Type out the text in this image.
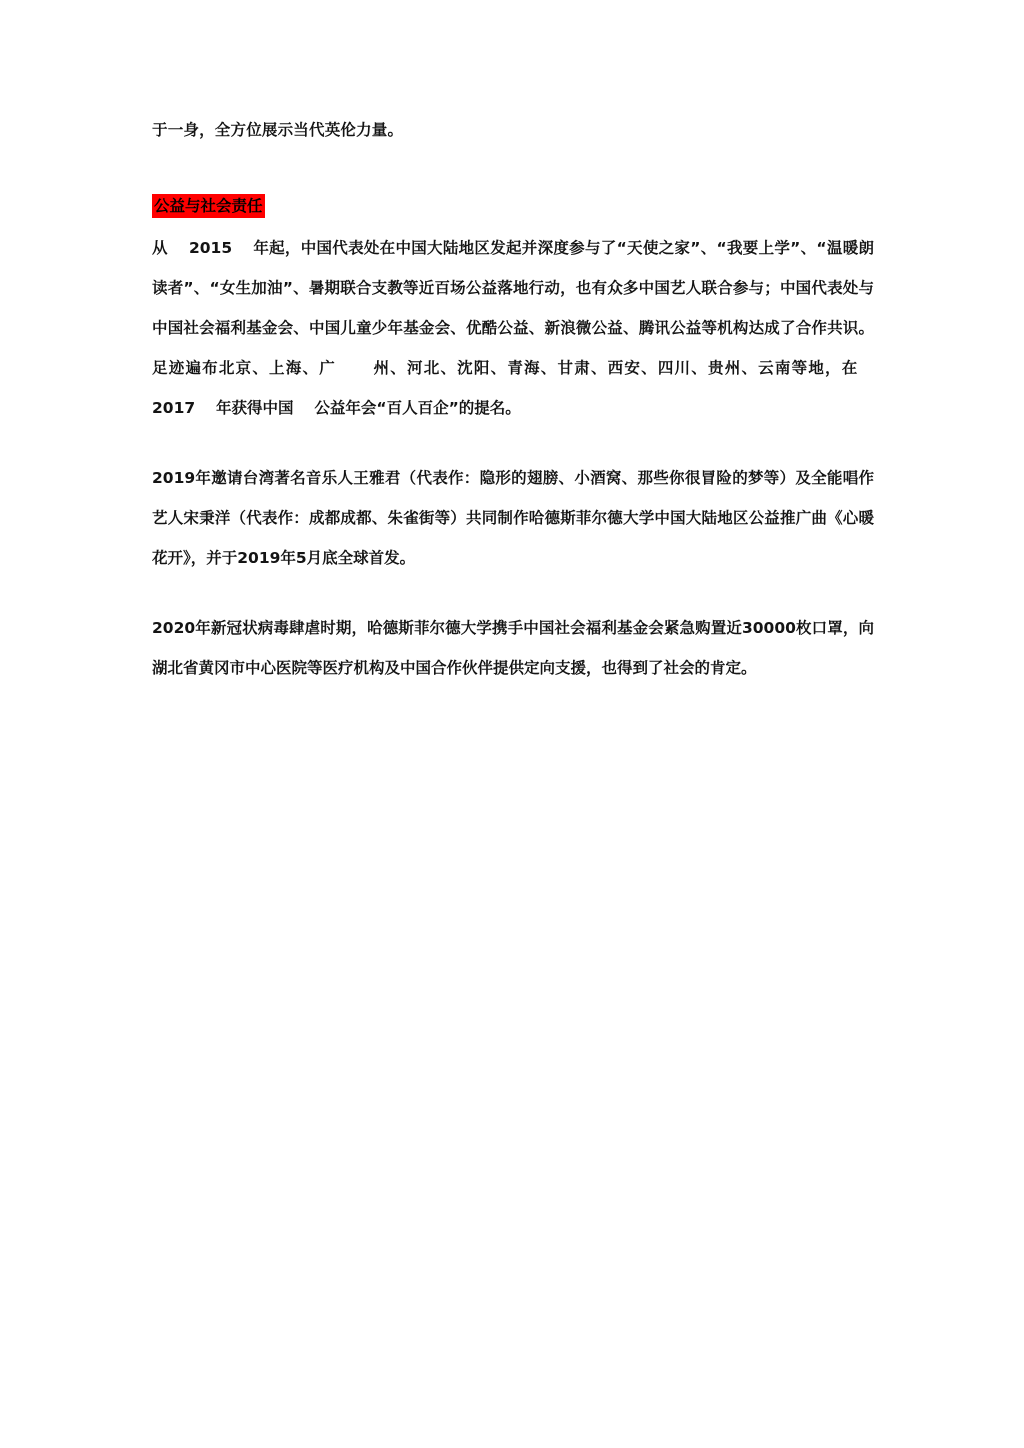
于一身，全方位展示当代英伦力量。

公益与社会责任

从  2015  年起，中国代表处在中国大陆地区发起并深度参与了“天使之家”、“我要上学”、“温暖朗读者”、“女生加油”、暑期联合支教等近百场公益落地行动，也有众多中国艺人联合参与；中国代表处与中国社会福利基金会、中国儿童少年基金会、优酷公益、新浪微公益、腾讯公益等机构达成了合作共识。足迹遍布北京、上海、广   州、河北、沈阳、青海、甘肃、西安、四川、贵州、云南等地，在  2017  年获得中国  公益年会“百人百企”的提名。

2019年邀请台湾著名音乐人王雅君（代表作：隐形的翅膀、小酒窝、那些你很冒险的梦等）及全能唱作艺人宋秉洋（代表作：成都成都、朱雀街等）共同制作哈德斯菲尔德大学中国大陆地区公益推广曲《心暖花开》，并于2019年5月底全球首发。

2020年新冠状病毒肆虐时期，哈德斯菲尔德大学携手中国社会福利基金会紧急购置近30000枚口罩，向湖北省黄冈市中心医院等医疗机构及中国合作伙伴提供定向支援，也得到了社会的肯定。
